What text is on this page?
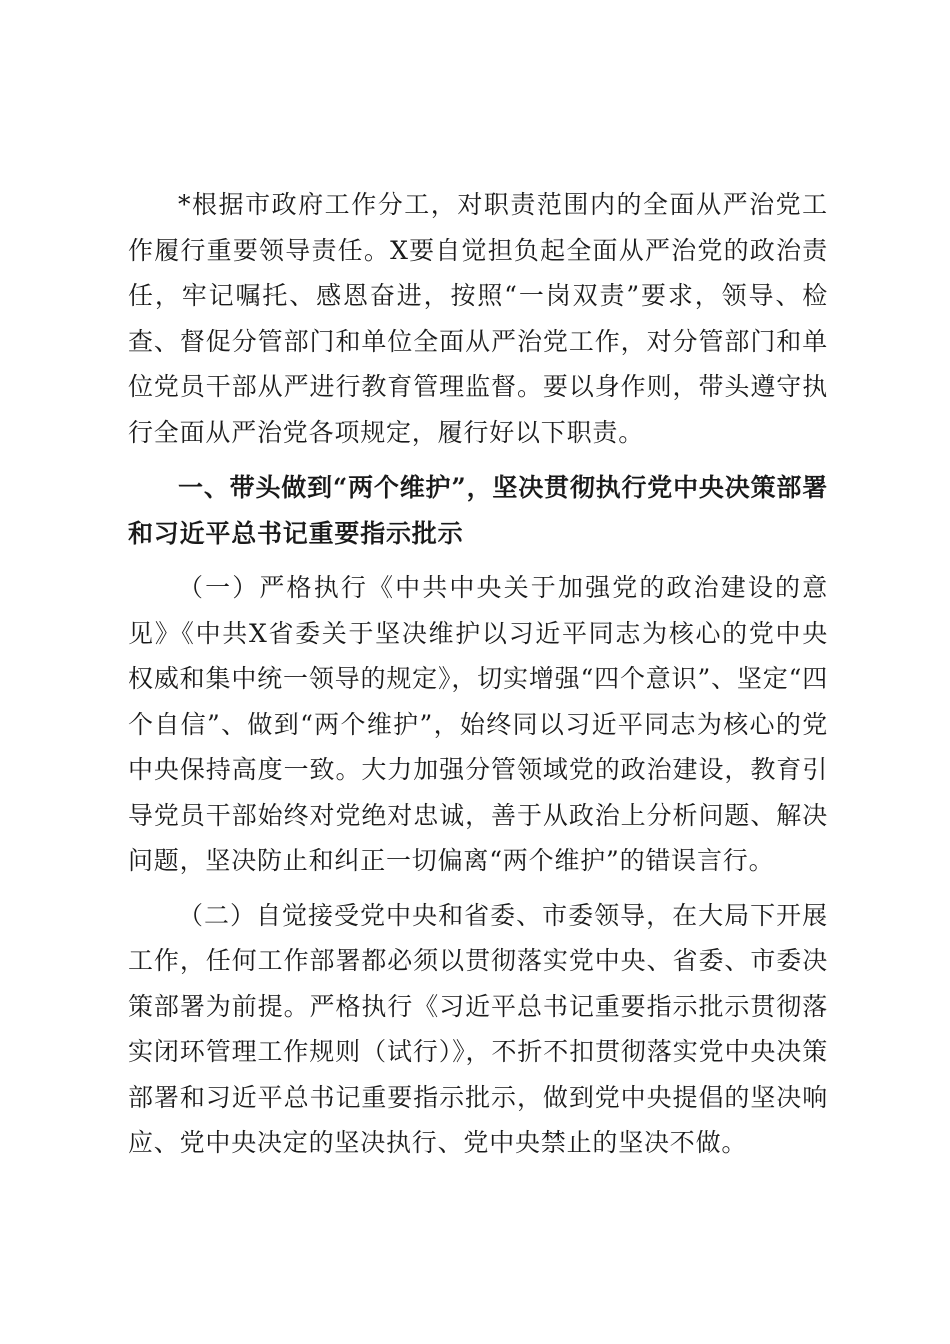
*根据市政府工作分工，对职责范围内的全面从严治党工作履行重要领导责任。X要自觉担负起全面从严治党的政治责任，牢记嘱托、感恩奋进，按照“一岗双责”要求，领导、检查、督促分管部门和单位全面从严治党工作，对分管部门和单位党员干部从严进行教育管理监督。要以身作则，带头遵守执行全面从严治党各项规定，履行好以下职责。

一、带头做到“两个维护”，坚决贯彻执行党中央决策部署和习近平总书记重要指示批示

（一）严格执行《中共中央关于加强党的政治建设的意见》《中共X省委关于坚决维护以习近平同志为核心的党中央权威和集中统一领导的规定》，切实增强“四个意识”、坚定“四个自信”、做到“两个维护”，始终同以习近平同志为核心的党中央保持高度一致。大力加强分管领域党的政治建设，教育引导党员干部始终对党绝对忠诚，善于从政治上分析问题、解决问题，坚决防止和纠正一切偏离“两个维护”的错误言行。

（二）自觉接受党中央和省委、市委领导，在大局下开展工作，任何工作部署都必须以贯彻落实党中央、省委、市委决策部署为前提。严格执行《习近平总书记重要指示批示贯彻落实闭环管理工作规则（试行）》，不折不扣贯彻落实党中央决策部署和习近平总书记重要指示批示，做到党中央提倡的坚决响应、党中央决定的坚决执行、党中央禁止的坚决不做。
